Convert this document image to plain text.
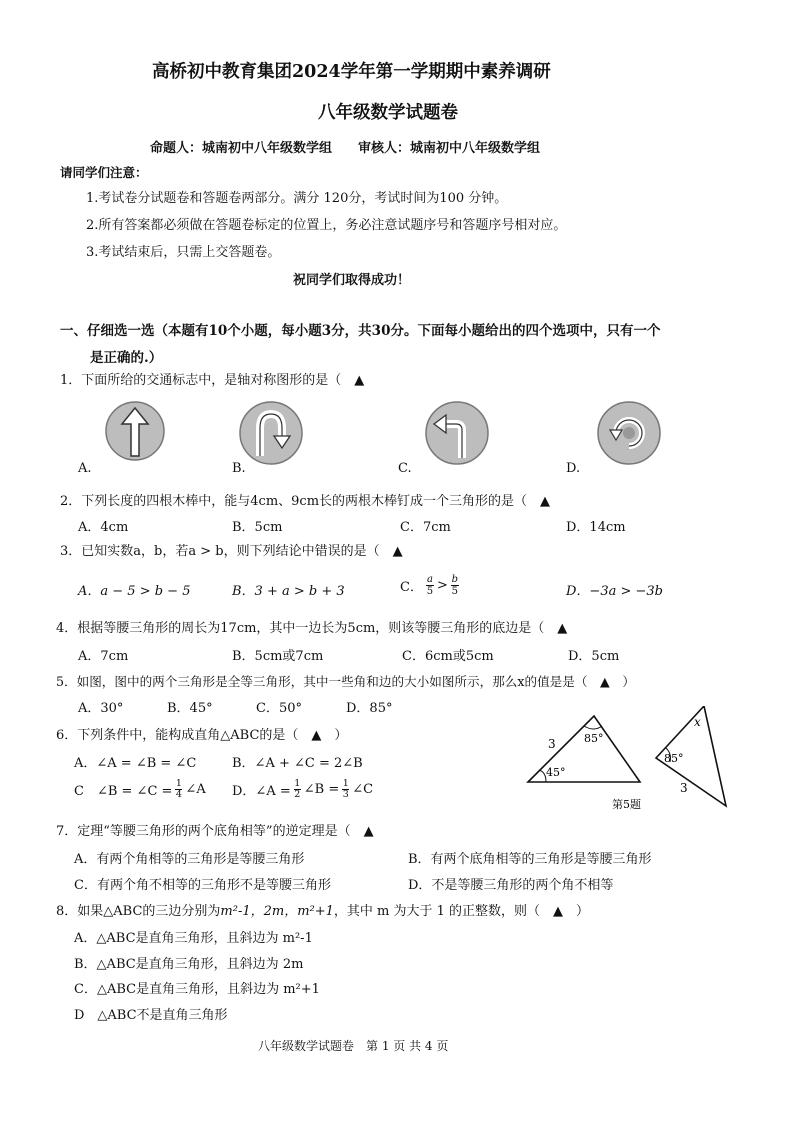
高桥初中教育集团2024学年第一学期期中素养调研
八年级数学试题卷
命题人：城南初中八年级数学组　　审核人：城南初中八年级数学组
请同学们注意：
1.考试卷分试题卷和答题卷两部分。满分 120分，考试时间为100 分钟。
2.所有答案都必须做在答题卷标定的位置上，务必注意试题序号和答题序号相对应。
3.考试结束后，只需上交答题卷。
祝同学们取得成功！
一、仔细选一选（本题有10个小题，每小题3分，共30分。下面每小题给出的四个选项中，只有一个
是正确的.）
1．下面所给的交通标志中，是轴对称图形的是（　▲
A.	B.	C.	D.
2．下列长度的四根木棒中，能与4cm、9cm长的两根木棒钉成一个三角形的是（　▲
A．4cm	B．5cm	C．7cm	D．14cm
3．已知实数a，b，若a > b，则下列结论中错误的是（　▲
A．a − 5 > b − 5	B．3 + a > b + 3	C．
a
5 > b
5	D．−3a > −3b
4．根据等腰三角形的周长为17cm，其中一边长为5cm，则该等腰三角形的底边是（　▲
A．7cm	B．5cm或7cm	C．6cm或5cm	D．5cm
5．如图，图中的两个三角形是全等三角形，其中一些角和边的大小如图所示，那么x的值是是（　▲　）
A．30°	B．45°	C．50°	D．85°
3	85°
45°
x
85°
3
第5题
6．下列条件中，能构成直角△ABC的是（　▲　）
A．∠A = ∠B = ∠C	B．∠A + ∠C = 2∠B
C　∠B = ∠C =
1
4 ∠A D．∠A =
1
2 ∠B = 1
3 ∠C
7．定理“等腰三角形的两个底角相等”的逆定理是（　▲
A．有两个角相等的三角形是等腰三角形	B．有两个底角相等的三角形是等腰三角形
C．有两个角不相等的三角形不是等腰三角形	D．不是等腰三角形的两个角不相等
8．如果△ABC的三边分别为m²-1，2m，m²+1，其中 m 为大于 1 的正整数，则（　▲　）
A．△ABC是直角三角形，且斜边为 m²-1
B．△ABC是直角三角形，且斜边为 2m
C．△ABC是直角三角形，且斜边为 m²+1
D　△ABC不是直角三角形
八年级数学试题卷　第 1 页 共 4 页
